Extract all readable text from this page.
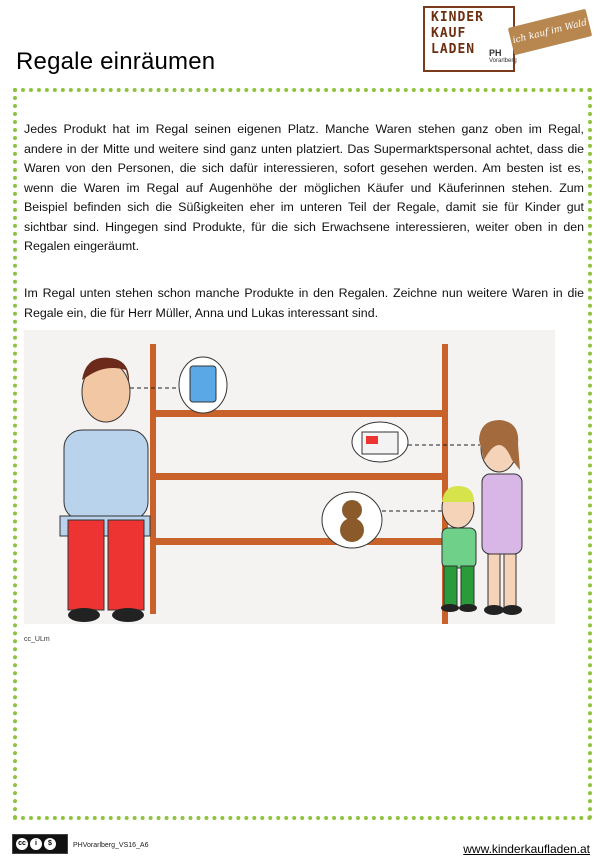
Regale einräumen
KINDER KAUF LADEN	PH
Vorarlberg
ich kauf im Wald

Jedes Produkt hat im Regal seinen eigenen Platz. Manche Waren stehen ganz oben im Regal, andere in der Mitte und weitere sind ganz unten platziert. Das Supermarktspersonal achtet, dass die Waren von den Personen, die sich dafür interessieren, sofort gesehen werden. Am besten ist es, wenn die Waren im Regal auf Augenhöhe der möglichen Käufer und Käuferinnen stehen. Zum Beispiel befinden sich die Süßigkeiten eher im unteren Teil der Regale, damit sie für Kinder gut sichtbar sind. Hingegen sind Produkte, für die sich Erwachsene interessieren, weiter oben in den Regalen eingeräumt.

Im Regal unten stehen schon manche Produkte in den Regalen. Zeichne nun weitere Waren in die Regale ein, die für Herr Müller, Anna und Lukas interessant sind.

cc_ULm
cc	i	$	PHVorarlberg_VS16_A6	www.kinderkaufladen.at
